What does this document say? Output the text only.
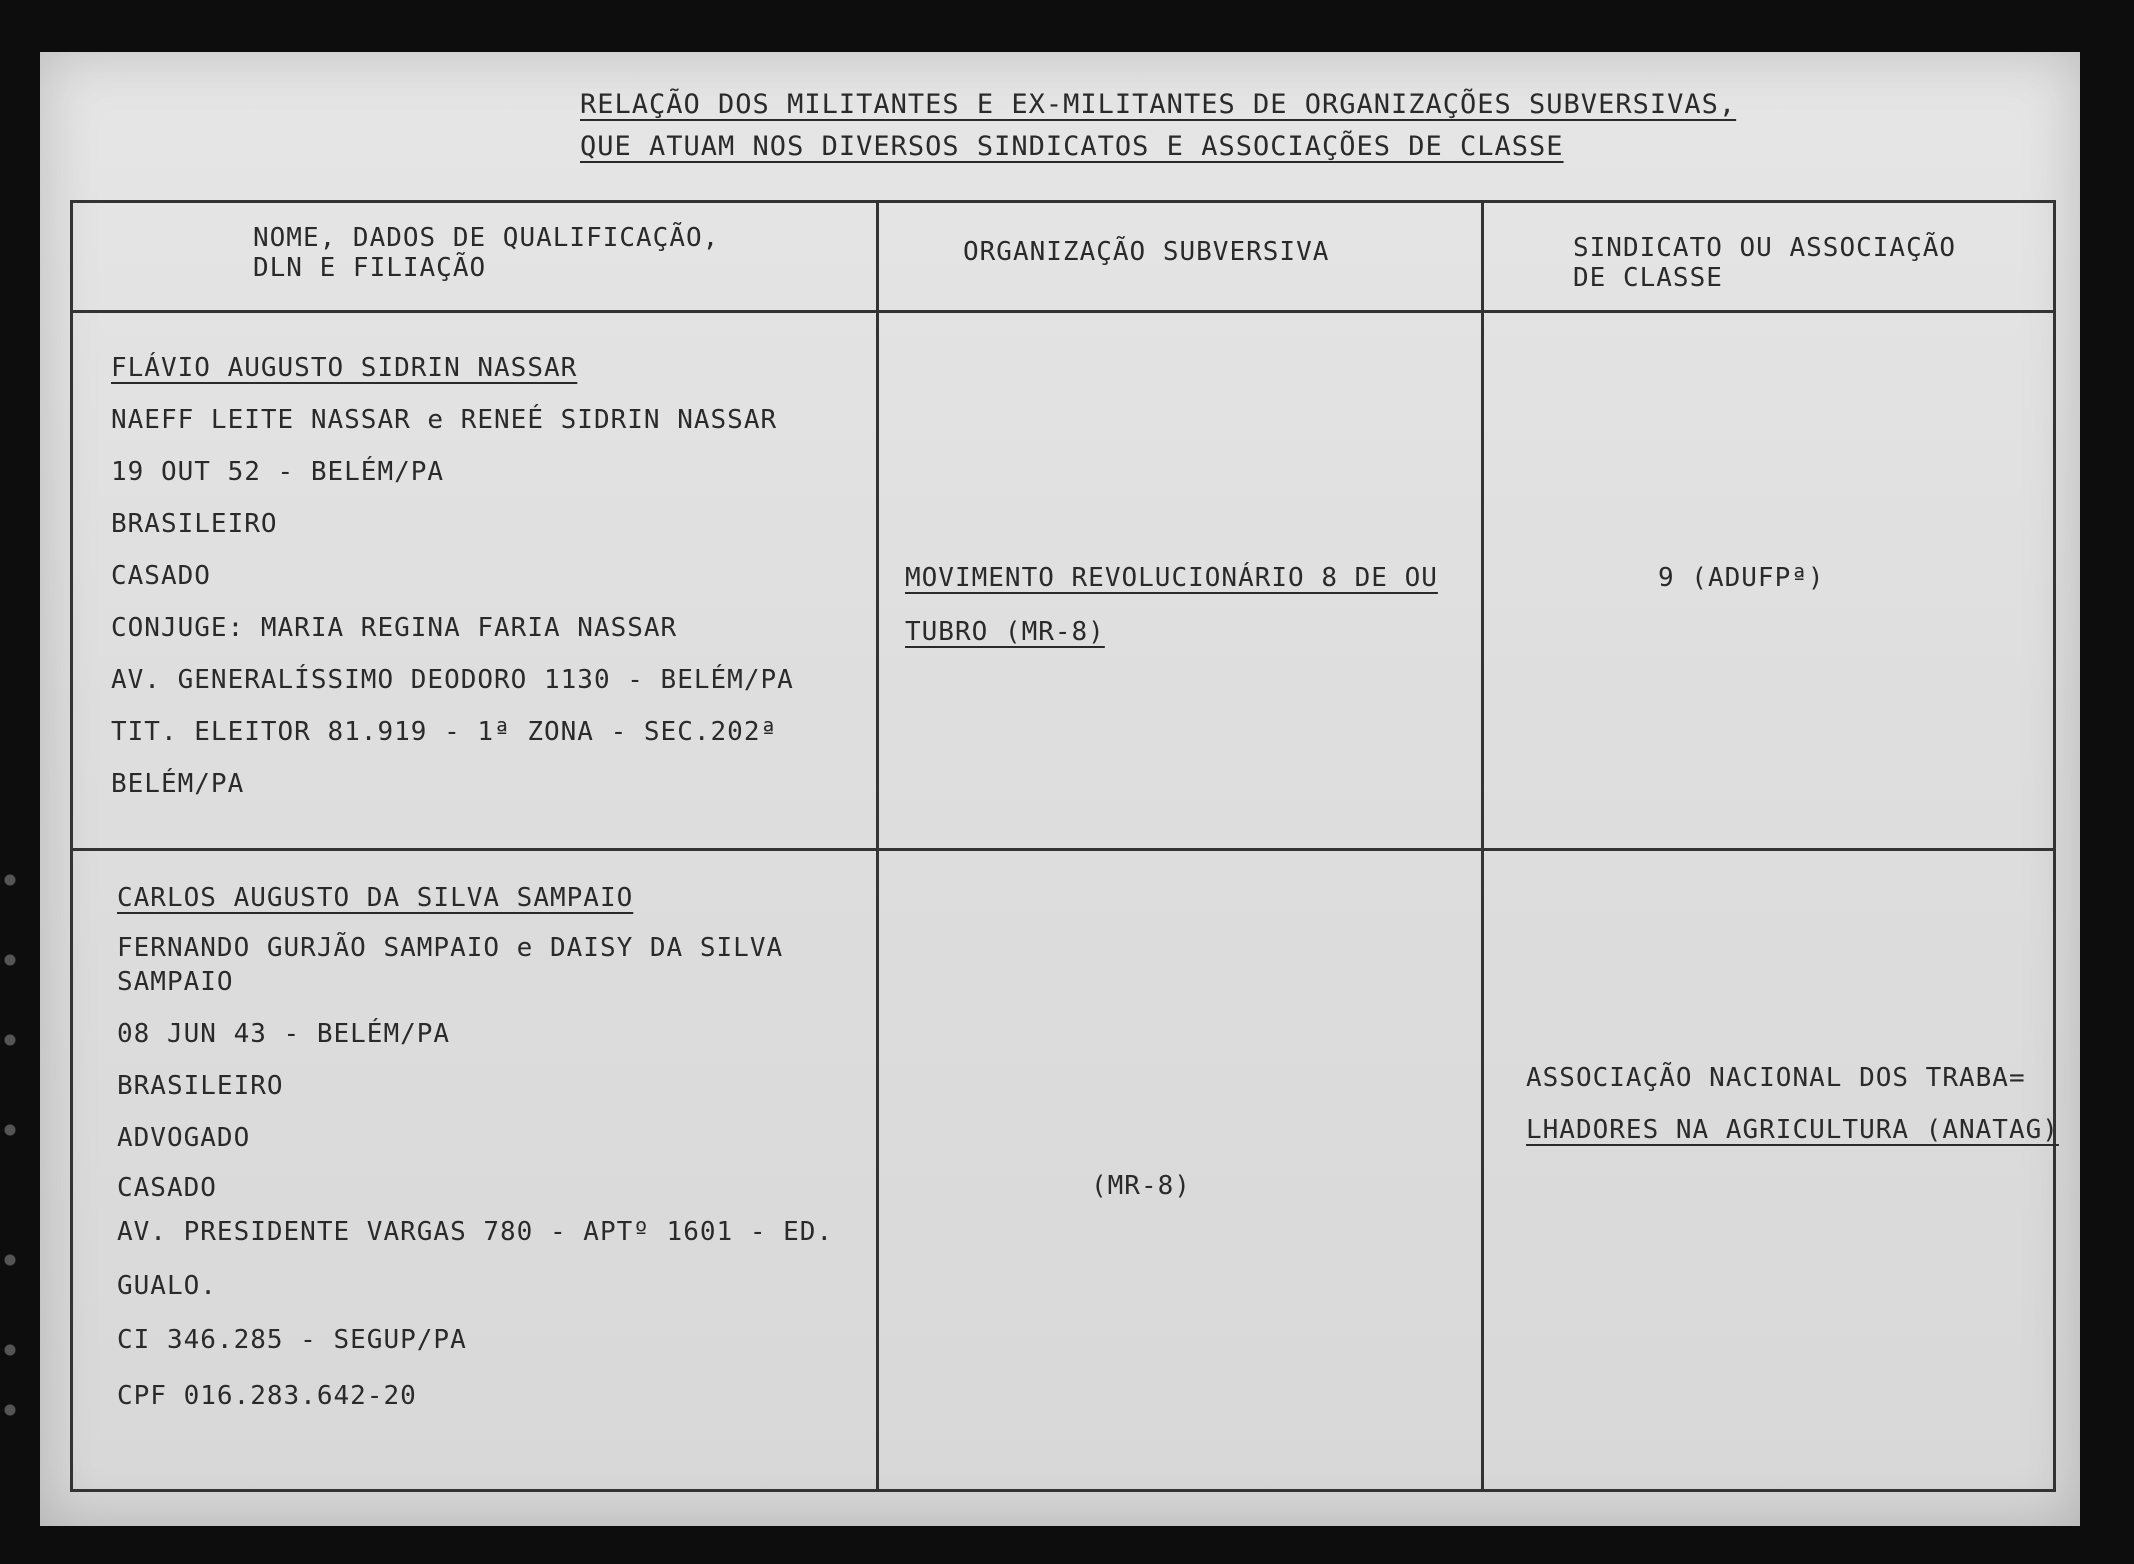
RELAÇÃO DOS MILITANTES E EX-MILITANTES DE ORGANIZAÇÕES SUBVERSIVAS,
QUE ATUAM NOS DIVERSOS SINDICATOS E ASSOCIAÇÕES DE CLASSE
NOME, DADOS DE QUALIFICAÇÃO,
DLN E FILIAÇÃO
ORGANIZAÇÃO SUBVERSIVA	SINDICATO OU ASSOCIAÇÃO
DE CLASSE
FLÁVIO AUGUSTO SIDRIN NASSAR
NAEFF LEITE NASSAR e RENEÉ SIDRIN NASSAR
19 OUT 52 - BELÉM/PA
BRASILEIRO
CASADO
CONJUGE: MARIA REGINA FARIA NASSAR
AV. GENERALÍSSIMO DEODORO 1130 - BELÉM/PA
TIT. ELEITOR 81.919 - 1ª ZONA - SEC.202ª
BELÉM/PA
MOVIMENTO REVOLUCIONÁRIO 8 DE OU
TUBRO (MR-8)
9 (ADUFPª)
CARLOS AUGUSTO DA SILVA SAMPAIO
FERNANDO GURJÃO SAMPAIO e DAISY DA SILVA SAMPAIO
08 JUN 43 - BELÉM/PA
BRASILEIRO
ADVOGADO
CASADO
AV. PRESIDENTE VARGAS 780 - APTº 1601 - ED.
GUALO.
CI 346.285 - SEGUP/PA
CPF 016.283.642-20
(MR-8)
ASSOCIAÇÃO NACIONAL DOS TRABA=
LHADORES NA AGRICULTURA (ANATAG)
